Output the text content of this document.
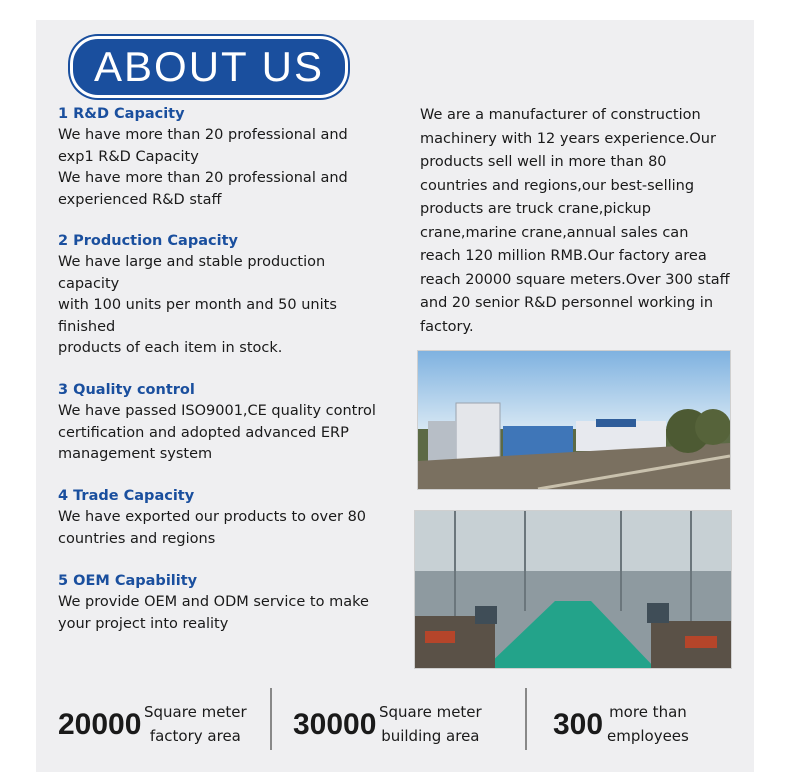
ABOUT US

1 R&D Capacity

We have more than 20 professional and
exp1 R&D Capacity
We have more than 20 professional and
experienced R&D staff

2 Production Capacity

We have large and stable production
capacity
with 100 units per month and 50 units
finished
products of each item in stock.

3 Quality control

We have passed ISO9001,CE quality control
certification and adopted advanced ERP
management system

4 Trade Capacity

We have exported our products to over 80
countries and regions

5 OEM Capability

We provide OEM and ODM service to make
your project into reality

We are a manufacturer of construction
machinery with 12 years experience.Our
products sell well in more than 80
countries and regions,our best-selling
products are truck crane,pickup
crane,marine crane,annual sales can
reach 120 million RMB.Our factory area
reach 20000 square meters.Over 300 staff
and 20 senior R&D personnel working in
factory.

20000 Square meter
factory area 30000 Square meter
building area 300 more than
employees
